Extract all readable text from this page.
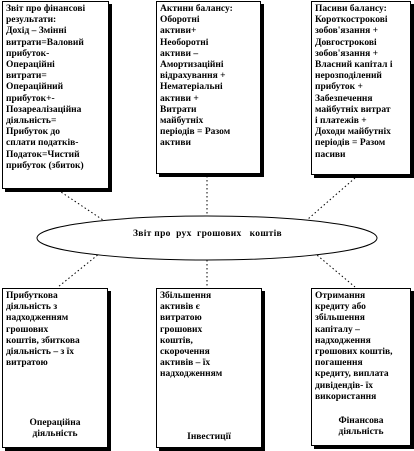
Звіт про  рух  грошових   коштів
Звіт про фінансові
результати:
Дохід – Змінні
витрати=Валовий
прибуток-
Операційні
витрати=
Операційний
прибуток+-
Позареалізаційна
діяльність=
Прибуток до
сплати податків-
Податок=Чистий
прибуток (збиток)
Актини балансу:
Оборотні
активи+
Необоротні
активи –
Амортизаційні
відрахування +
Нематеріальні
активи +
Витрати
майбутніх
періодів = Разом
активи
Пасиви балансу:
Короткострокові
зобов'язання +
Довгострокові
зобов'язання +
Власний капітал і
нерозподілений
прибуток +
Забезпечення
майбутніх витрат
і платежів +
Доходи майбутніх
періодів = Разом
пасиви
Прибуткова
діяльність з
надходженням
грошових
коштів, збиткова
діяльність – з їх
витратою
Операційна
діяльність
Збільшення
активів є
витратою
грошових
коштів,
скорочення
активів – їх
надходженням
Інвестиції
Отримання
кредиту або
збільшення
капіталу –
надходження
грошових коштів,
погашення
кредиту, виплата
дивідендів- їх
використання
Фінансова
діяльність
